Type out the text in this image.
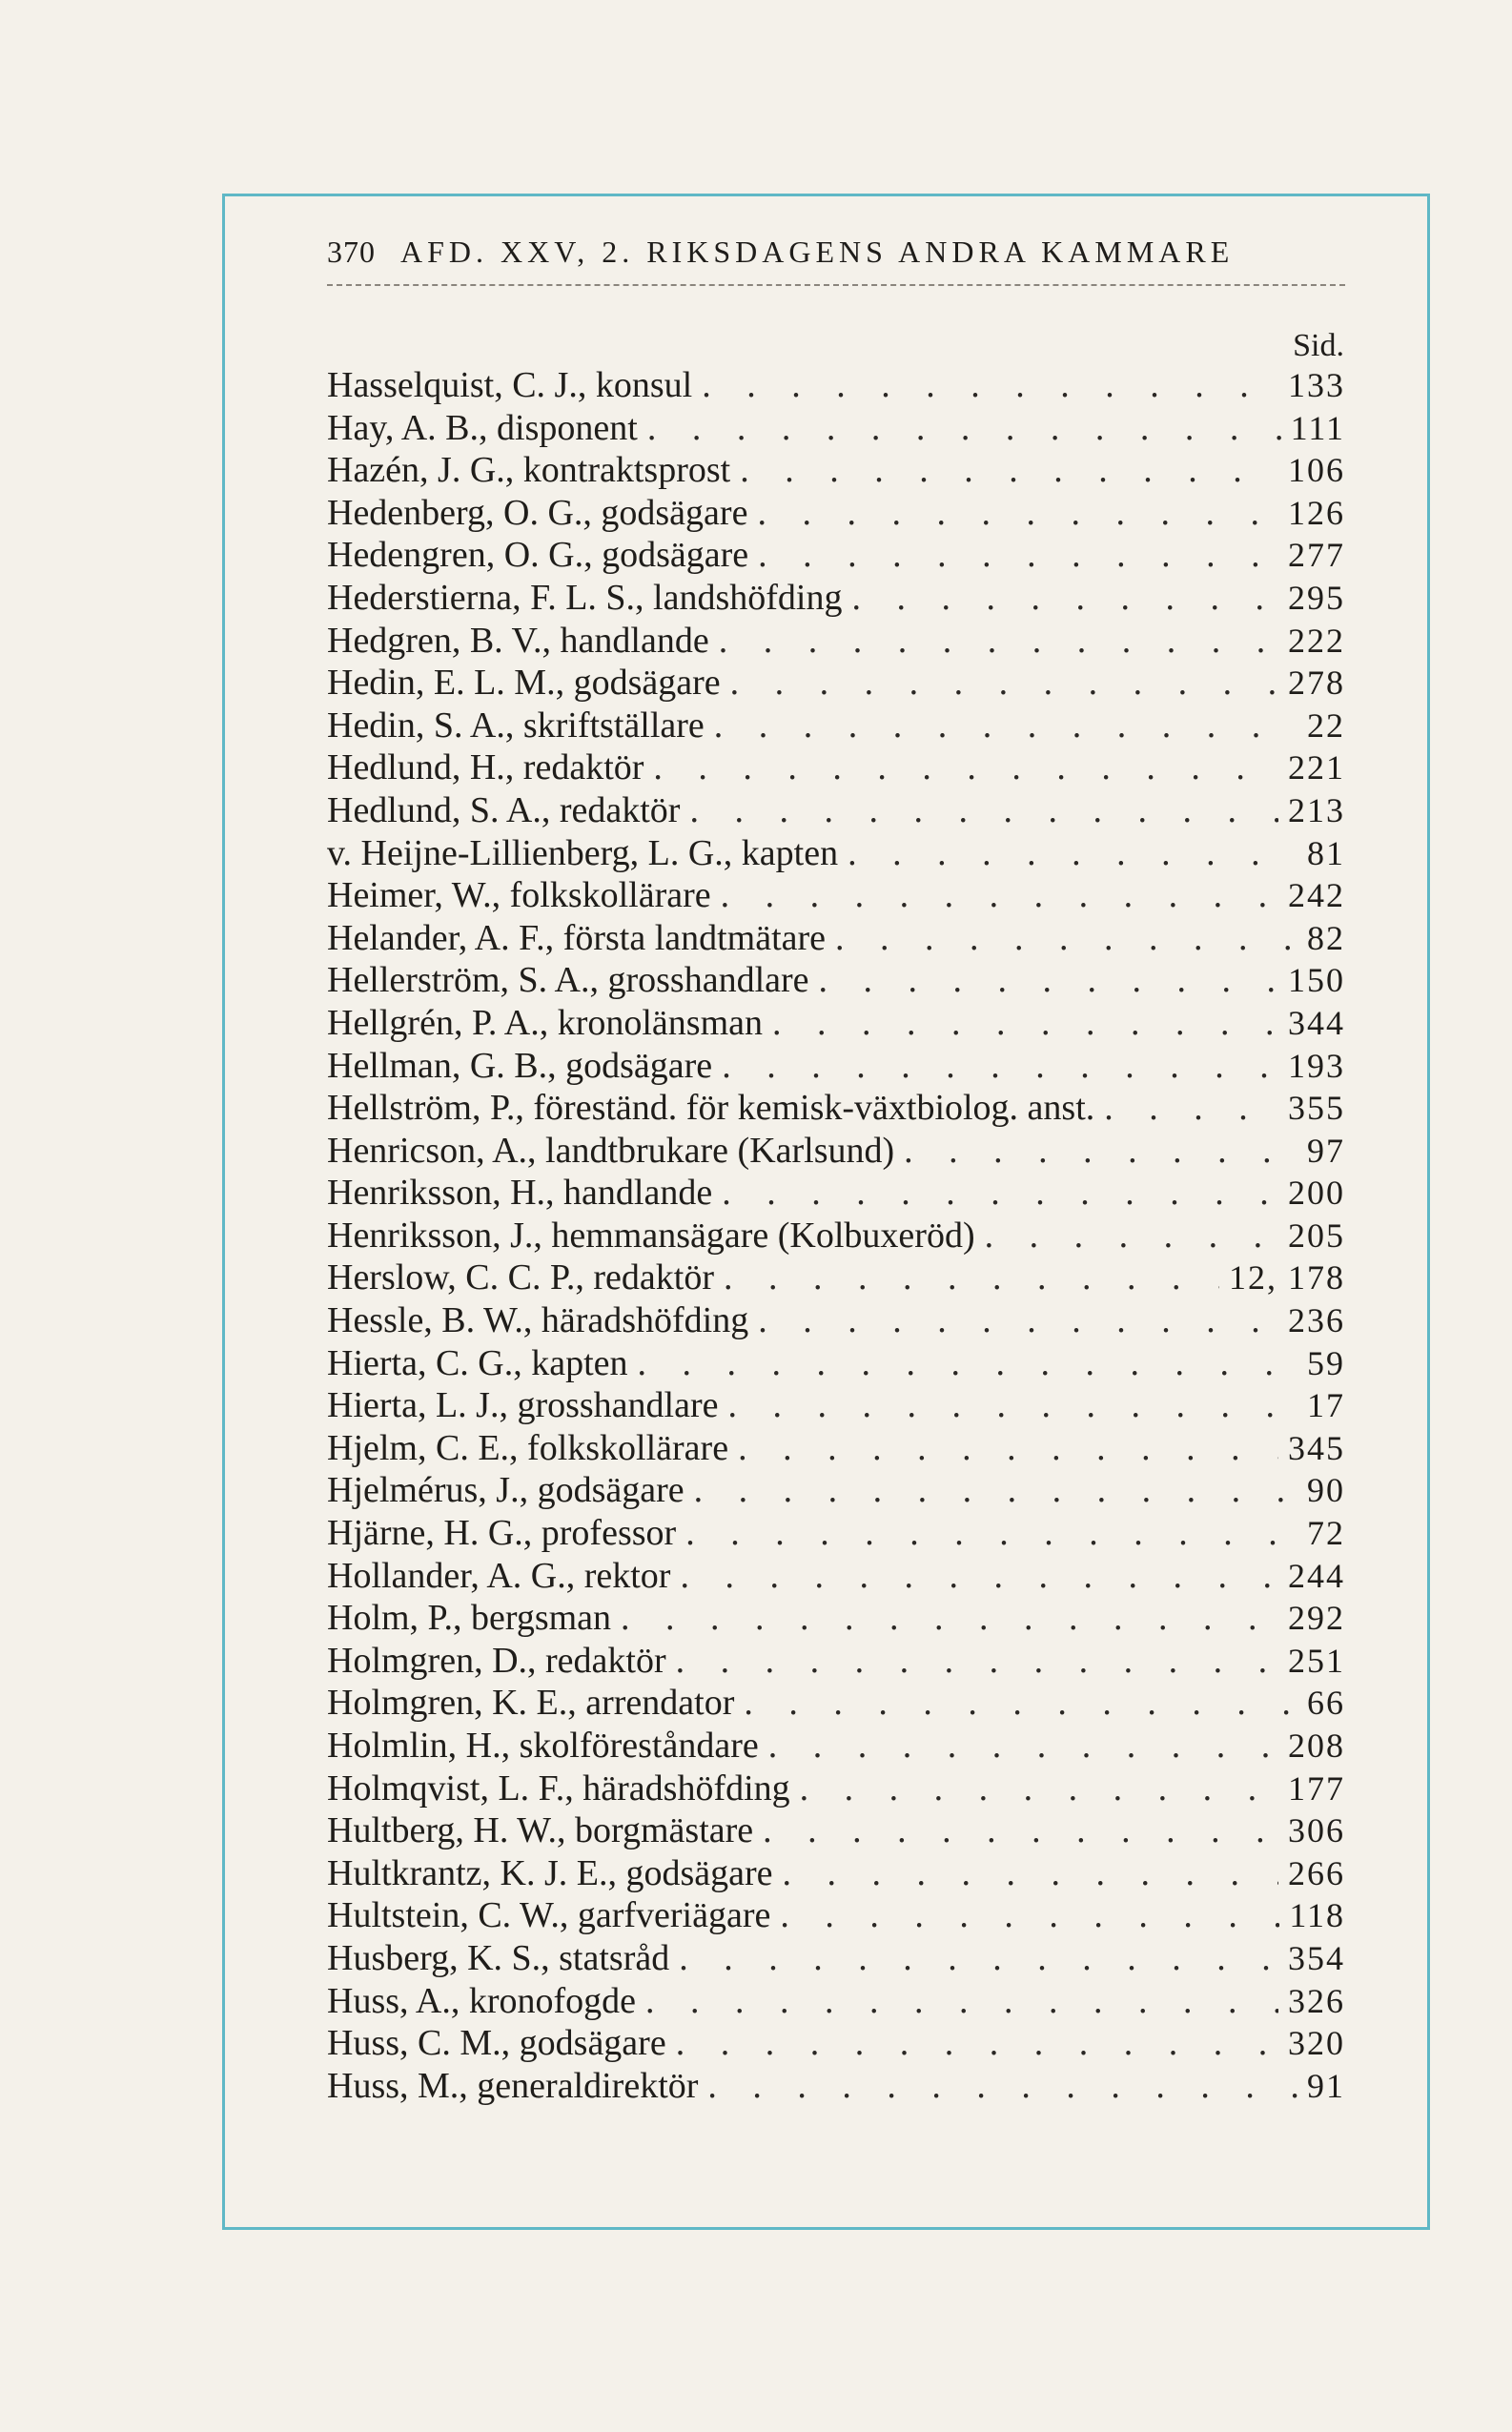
370 AFD. XXV, 2. RIKSDAGENS ANDRA KAMMARE
Sid.
Hasselquist, C. J., konsul . . .	133
Hay, A. B., disponent . . .	111
Hazén, J. G., kontraktsprost . . .	106
Hedenberg, O. G., godsägare . . .	126
Hedengren, O. G., godsägare . . .	277
Hederstierna, F. L. S., landshöfding . . .	295
Hedgren, B. V., handlande . . .	222
Hedin, E. L. M., godsägare . . .	278
Hedin, S. A., skriftställare . . .	22
Hedlund, H., redaktör . . .	221
Hedlund, S. A., redaktör . . .	213
v. Heijne-Lillienberg, L. G., kapten . . .	81
Heimer, W., folkskollärare . . .	242
Helander, A. F., första landtmätare . . .	82
Hellerström, S. A., grosshandlare . . .	150
Hellgrén, P. A., kronolänsman . . .	344
Hellman, G. B., godsägare . . .	193
Hellström, P., föreständ. för kemisk-växtbiolog. anst. . . .	355
Henricson, A., landtbrukare (Karlsund) . . .	97
Henriksson, H., handlande . . .	200
Henriksson, J., hemmansägare (Kolbuxeröd) . . .	205
Herslow, C. C. P., redaktör . . .	12, 178
Hessle, B. W., häradshöfding . . .	236
Hierta, C. G., kapten . . .	59
Hierta, L. J., grosshandlare . . .	17
Hjelm, C. E., folkskollärare . . .	345
Hjelmérus, J., godsägare . . .	90
Hjärne, H. G., professor . . .	72
Hollander, A. G., rektor . . .	244
Holm, P., bergsman . . .	292
Holmgren, D., redaktör . . .	251
Holmgren, K. E., arrendator . . .	66
Holmlin, H., skolföreståndare . . .	208
Holmqvist, L. F., häradshöfding . . .	177
Hultberg, H. W., borgmästare . . .	306
Hultkrantz, K. J. E., godsägare . . .	266
Hultstein, C. W., garfveriägare . . .	118
Husberg, K. S., statsråd . . .	354
Huss, A., kronofogde . . .	326
Huss, C. M., godsägare . . .	320
Huss, M., generaldirektör . . .	91
